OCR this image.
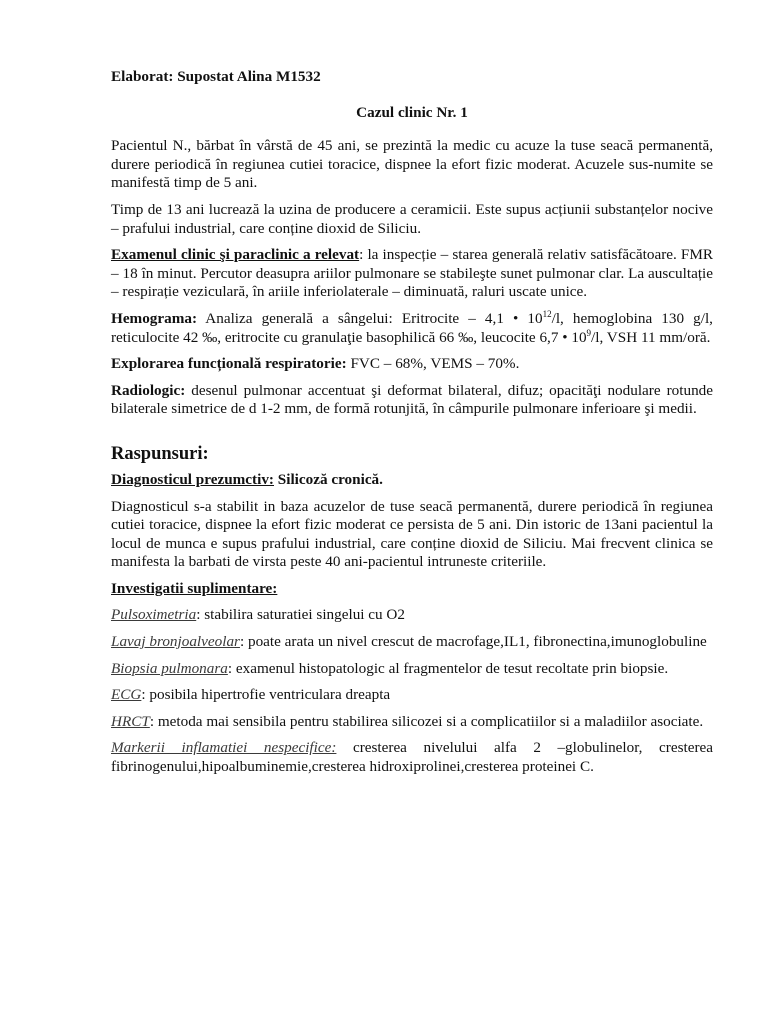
Elaborat: Supostat Alina M1532

Cazul clinic Nr. 1

Pacientul N., bărbat în vârstă de 45 ani, se prezintă la medic cu acuze la tuse seacă permanentă, durere periodică în regiunea cutiei toracice, dispnee la efort fizic moderat. Acuzele sus-numite se manifestă timp de 5 ani.

Timp de 13 ani lucrează la uzina de producere a ceramicii. Este supus acțiunii substanțelor nocive – prafului industrial, care conține dioxid de Siliciu.

Examenul clinic şi paraclinic a relevat: la inspecție – starea generală relativ satisfăcătoare. FMR – 18 în minut. Percutor deasupra ariilor pulmonare se stabileşte sunet pulmonar clar. La auscultație – respirație veziculară, în ariile inferiolaterale – diminuată, raluri uscate unice.

Hemograma: Analiza generală a sângelui: Eritrocite – 4,1 • $10^{12}/l$, hemoglobina 130 g/l, reticulocite 42 ‰, eritrocite cu granulaţie basophilică 66 ‰, leucocite 6,7 • $10^9/l$, VSH 11 mm/oră.

Explorarea funcțională respiratorie: FVC – 68%, VEMS – 70%.

Radiologic: desenul pulmonar accentuat şi deformat bilateral, difuz; opacităţi nodulare rotunde bilaterale simetrice de d 1-2 mm, de formă rotunjită, în câmpurile pulmonare inferioare şi medii.

Raspunsuri:

Diagnosticul prezumctiv: Silicoză cronică.

Diagnosticul s-a stabilit in baza acuzelor de tuse seacă permanentă, durere periodică în regiunea cutiei toracice, dispnee la efort fizic moderat ce persista de 5 ani. Din istoric de 13ani pacientul la locul de munca e supus prafului industrial, care conține dioxid de Siliciu. Mai frecvent clinica se manifesta la barbati de virsta peste 40 ani-pacientul intruneste criteriile.

Investigatii suplimentare:

Pulsoximetria: stabilira saturatiei singelui cu O2

Lavaj bronjoalveolar: poate arata un nivel crescut de macrofage,IL1, fibronectina,imunoglobuline

Biopsia pulmonara: examenul histopatologic al fragmentelor de tesut recoltate prin biopsie.

ECG: posibila hipertrofie ventriculara dreapta

HRCT: metoda mai sensibila pentru stabilirea silicozei si a complicatiilor si a maladiilor asociate.

Markerii inflamatiei nespecifice: cresterea nivelului alfa 2 –globulinelor, cresterea fibrinogenului,hipoalbuminemie,cresterea hidroxiprolinei,cresterea proteinei C.
